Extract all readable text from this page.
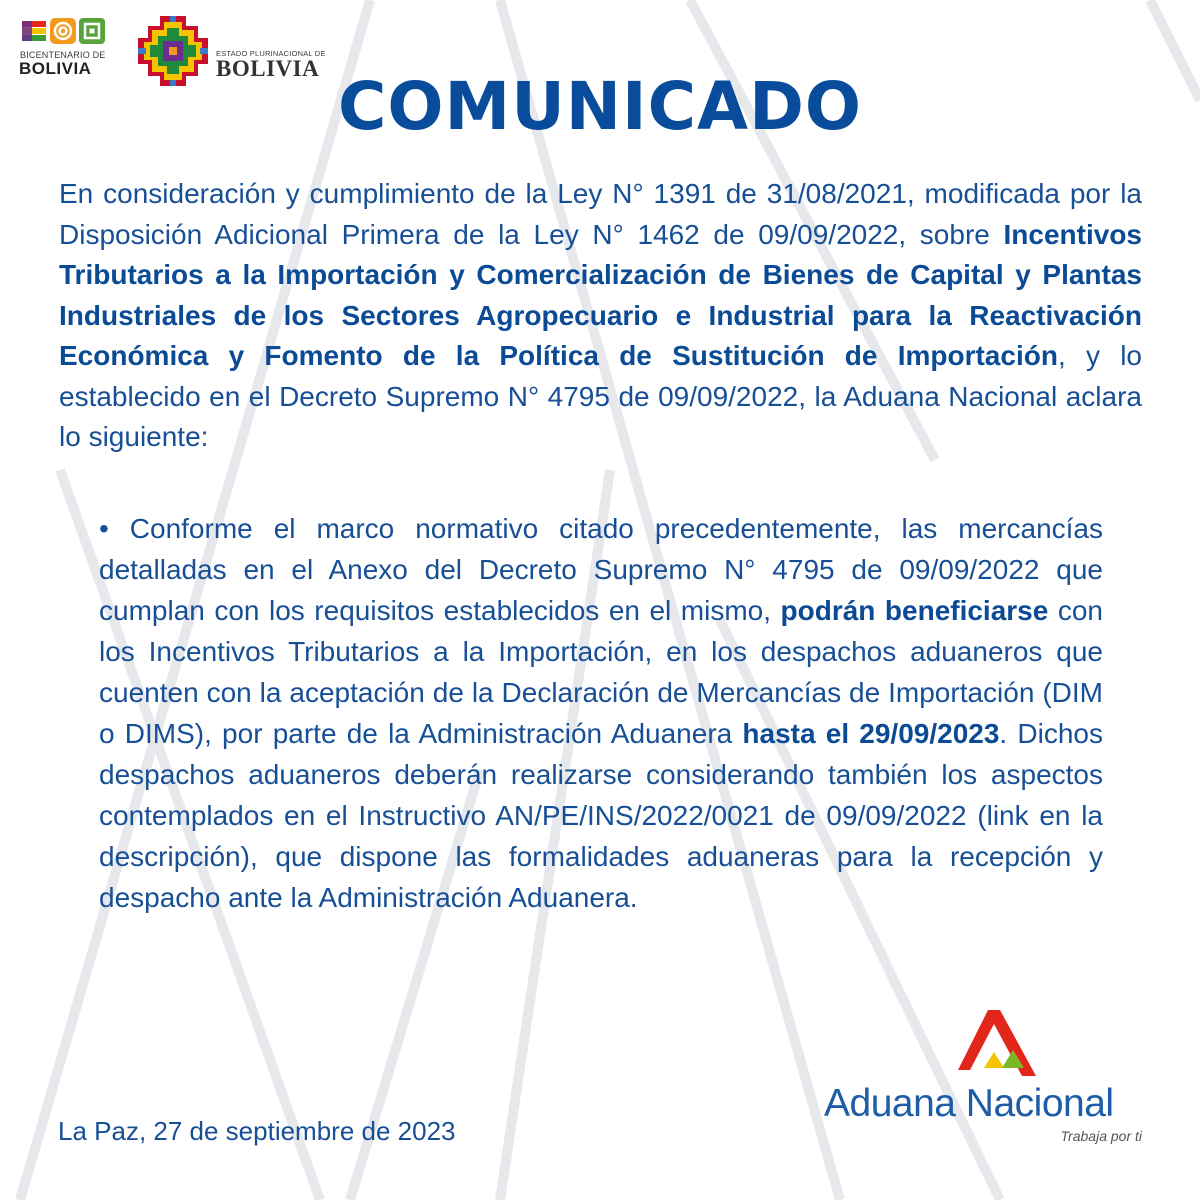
BICENTENARIO DE
BOLIVIA
ESTADO PLURINACIONAL DE
BOLIVIA COMUNICADO

En consideración y cumplimiento de la Ley N° 1391 de 31/08/2021, modificada por la Disposición Adicional Primera de la Ley N° 1462 de 09/09/2022, sobre Incentivos Tributarios a la Importación y Comercialización de Bienes de Capital y Plantas Industriales de los Sectores Agropecuario e Industrial para la Reactivación Económica y Fomento de la Política de Sustitución de Importación, y lo establecido en el Decreto Supremo N° 4795 de 09/09/2022, la Aduana Nacional aclara lo siguiente:

• Conforme el marco normativo citado precedentemente, las mercancías detalladas en el Anexo del Decreto Supremo N° 4795 de 09/09/2022 que cumplan con los requisitos establecidos en el mismo, podrán beneficiarse con los Incentivos Tributarios a la Importación, en los despachos aduaneros que cuenten con la aceptación de la Declaración de Mercancías de Importación (DIM o DIMS), por parte de la Administración Aduanera hasta el 29/09/2023. Dichos despachos aduaneros deberán realizarse considerando también los aspectos contemplados en el Instructivo AN/PE/INS/2022/0021 de 09/09/2022 (link en la descripción), que dispone las formalidades aduaneras para la recepción y despacho ante la Administración Aduanera.

La Paz, 27 de septiembre de 2023
Aduana Nacional
Trabaja por ti
